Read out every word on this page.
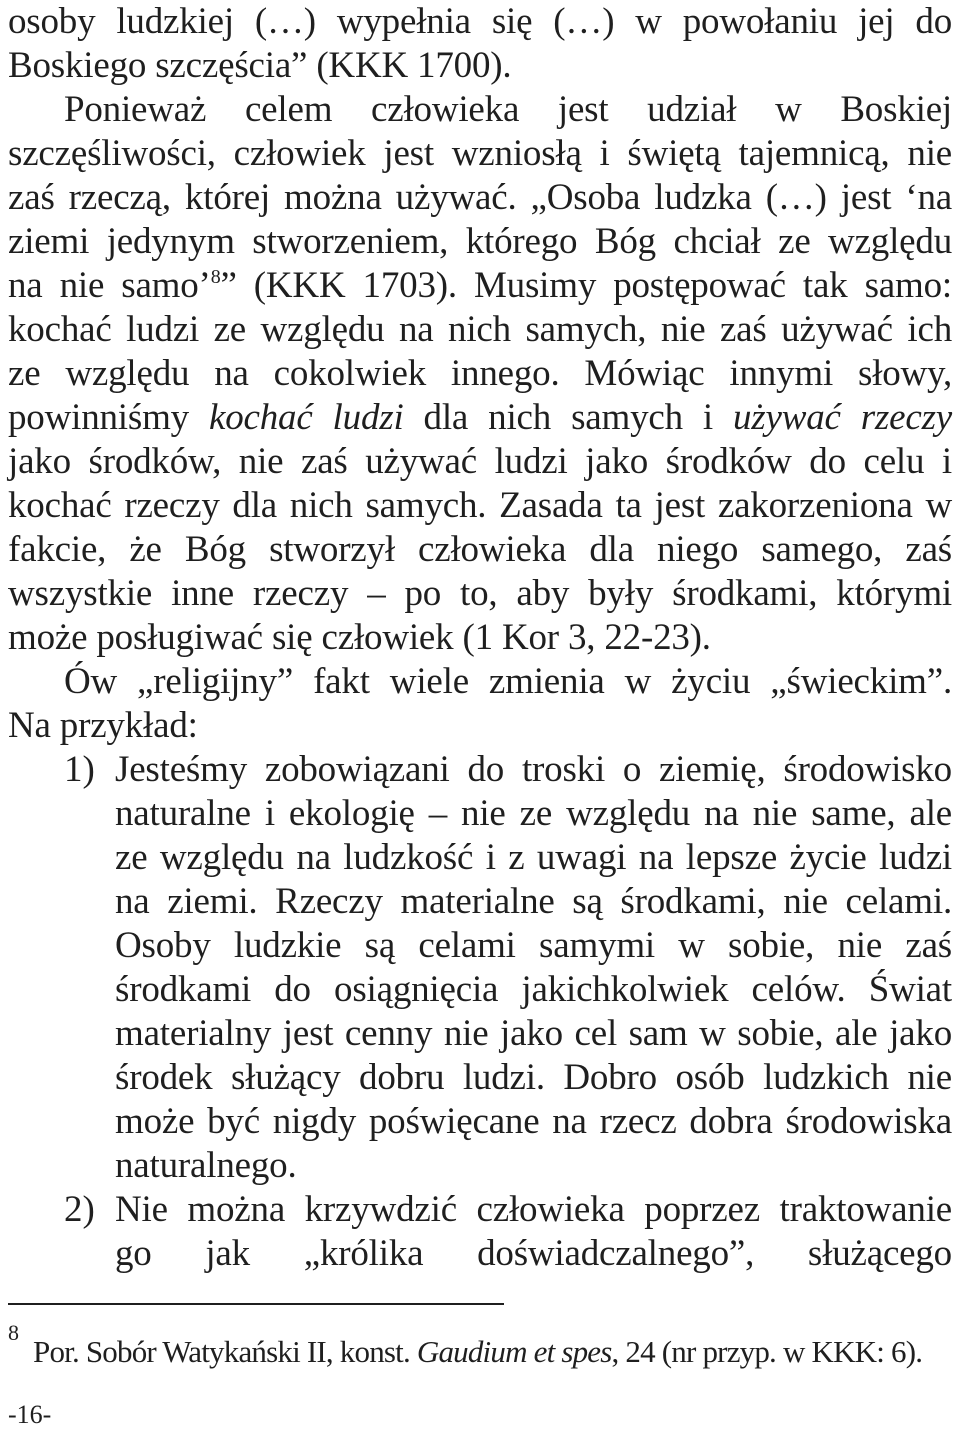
osoby ludzkiej (…) wypełnia się (…) w powołaniu jej do
Boskiego szczęścia” (KKK 1700).
Ponieważ celem człowieka jest udział w Boskiej
szczęśliwości, człowiek jest wzniosłą i świętą tajemnicą, nie
zaś rzeczą, której można używać. „Osoba ludzka (…) jest ‘na
ziemi jedynym stworzeniem, którego Bóg chciał ze względu
na nie samo’$^8$” (KKK 1703). Musimy postępować tak samo:
kochać ludzi ze względu na nich samych, nie zaś używać ich
ze względu na cokolwiek innego. Mówiąc innymi słowy,
powinniśmy kochać ludzi dla nich samych i używać rzeczy
jako środków, nie zaś używać ludzi jako środków do celu i
kochać rzeczy dla nich samych. Zasada ta jest zakorzeniona w
fakcie, że Bóg stworzył człowieka dla niego samego, zaś
wszystkie inne rzeczy – po to, aby były środkami, którymi
może posługiwać się człowiek (1 Kor 3, 22-23).
Ów „religijny” fakt wiele zmienia w życiu „świeckim”.
Na przykład:
1) Jesteśmy zobowiązani do troski o ziemię, środowisko
naturalne i ekologię – nie ze względu na nie same, ale
ze względu na ludzkość i z uwagi na lepsze życie ludzi
na ziemi. Rzeczy materialne są środkami, nie celami.
Osoby ludzkie są celami samymi w sobie, nie zaś
środkami do osiągnięcia jakichkolwiek celów. Świat
materialny jest cenny nie jako cel sam w sobie, ale jako
środek służący dobru ludzi. Dobro osób ludzkich nie
może być nigdy poświęcane na rzecz dobra środowiska
naturalnego.
2) Nie można krzywdzić człowieka poprzez traktowanie
go jak „królika doświadczalnego”, służącego
8
Por. Sobór Watykański II, konst. Gaudium et spes, 24 (nr przyp. w KKK: 6).
-16-
